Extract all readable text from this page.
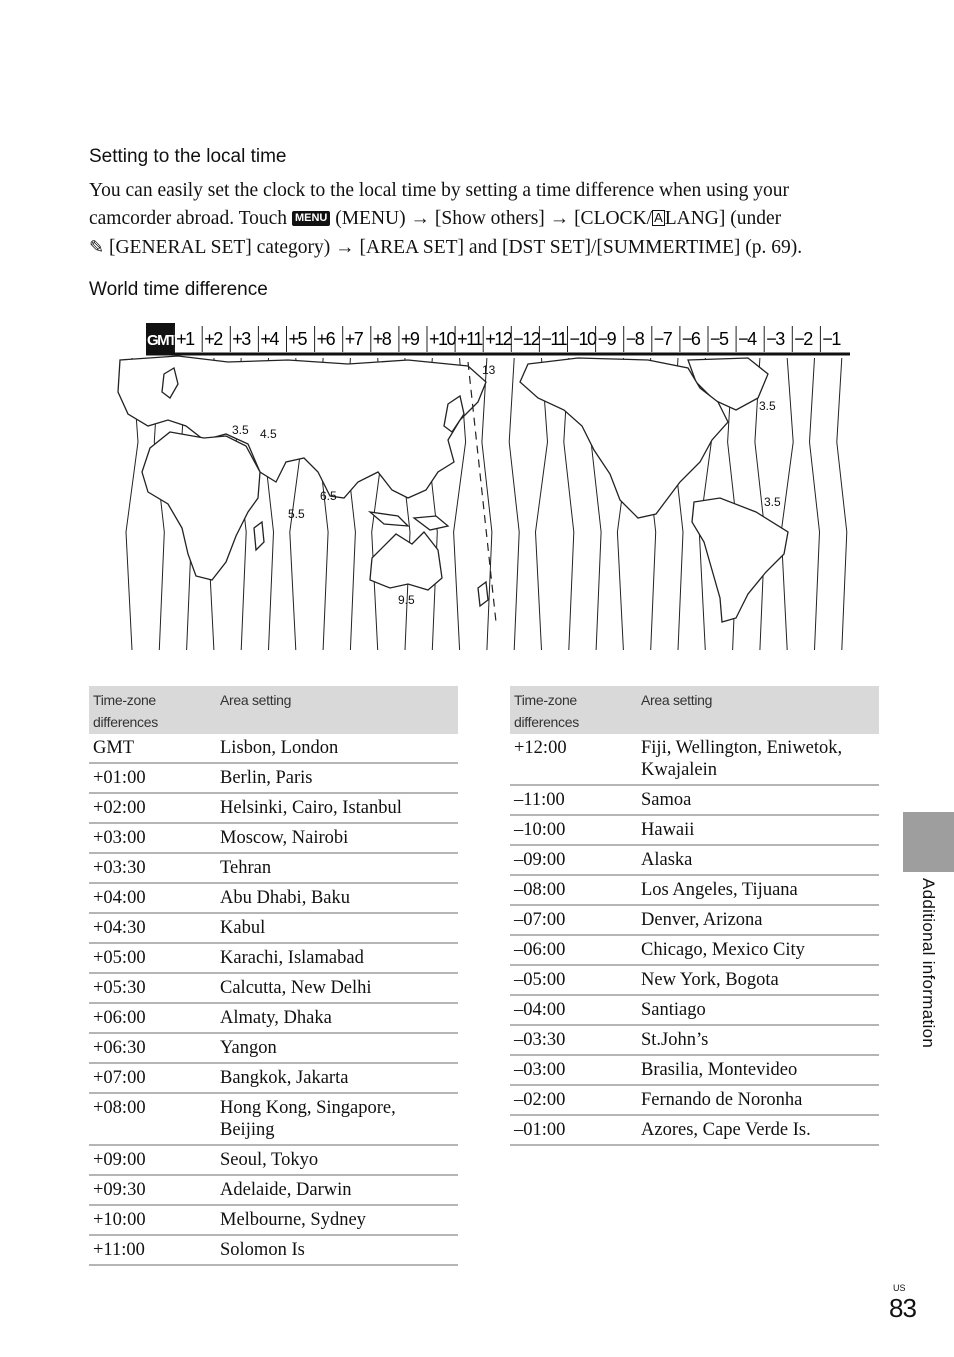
Setting to the local time
You can easily set the clock to the local time by setting a time difference when using your
camcorder abroad. Touch MENU (MENU) → [Show others] → [CLOCK/ A LANG] (under
✎ [GENERAL SET] category) → [AREA SET] and [DST SET]/[SUMMERTIME] (p. 69).
World time difference
GMT +1 +2 +3 +4 +5 +6 +7 +8 +9 +10 +11 +12 −12 −11 −10 −9 −8 −7 −6 −5 −4 −3 −2 −1
13
3.5 4.5
5.5
6.5
9.5
3.5
3.5
Time-zone differences	Area setting
GMT	Lisbon, London
+01:00	Berlin, Paris
+02:00	Helsinki, Cairo, Istanbul
+03:00	Moscow, Nairobi
+03:30	Tehran
+04:00	Abu Dhabi, Baku
+04:30	Kabul
+05:00	Karachi, Islamabad
+05:30	Calcutta, New Delhi
+06:00	Almaty, Dhaka
+06:30	Yangon
+07:00	Bangkok, Jakarta
+08:00	Hong Kong, Singapore, Beijing
+09:00	Seoul, Tokyo
+09:30	Adelaide, Darwin
+10:00	Melbourne, Sydney
+11:00	Solomon Is
Time-zone differences	Area setting
+12:00	Fiji, Wellington, Eniwetok, Kwajalein
–11:00	Samoa
–10:00	Hawaii
–09:00	Alaska
–08:00	Los Angeles, Tijuana
–07:00	Denver, Arizona
–06:00	Chicago, Mexico City
–05:00	New York, Bogota
–04:00	Santiago
–03:30	St.John’s
–03:00	Brasilia, Montevideo
–02:00	Fernando de Noronha
–01:00	Azores, Cape Verde Is.
Additional information
US
83
